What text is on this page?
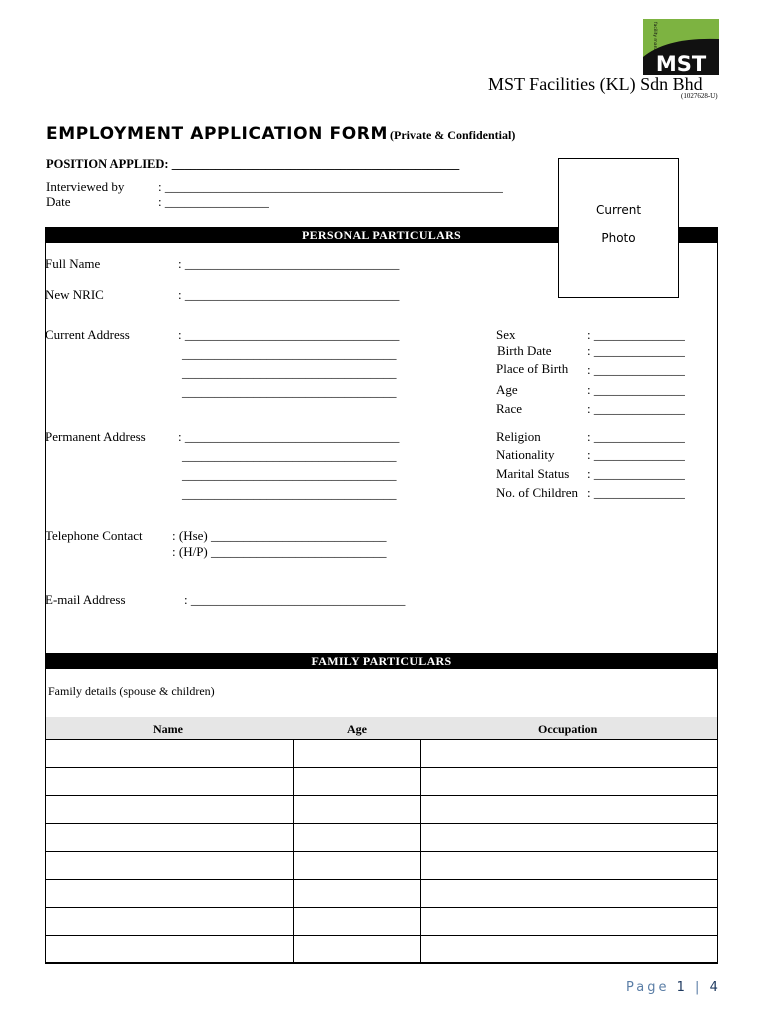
MST
facility management
MST Facilities (KL) Sdn Bhd
(1027628-U)
EMPLOYMENT APPLICATION FORM (Private & Confidential)
POSITION APPLIED: ______________________________________________
Interviewed by	: ____________________________________________________
Date	: ________________
PERSONAL PARTICULARS
Current
Photo
Full Name	: _________________________________
New NRIC	: _________________________________
Current Address	: _________________________________
_________________________________
_________________________________
_________________________________
Permanent Address : _________________________________
_________________________________
_________________________________
_________________________________
Telephone Contact : (Hse) ___________________________
: (H/P) ___________________________
E-mail Address	: _________________________________
Sex	: ______________
Birth Date	: ______________
Place of Birth : ______________
Age	: ______________
Race	: ______________
Religion	: ______________
Nationality	: ______________
Marital Status : ______________
No. of Children : ______________
FAMILY PARTICULARS
Family details (spouse & children)
Name	Age	Occupation

Page 1 | 4
